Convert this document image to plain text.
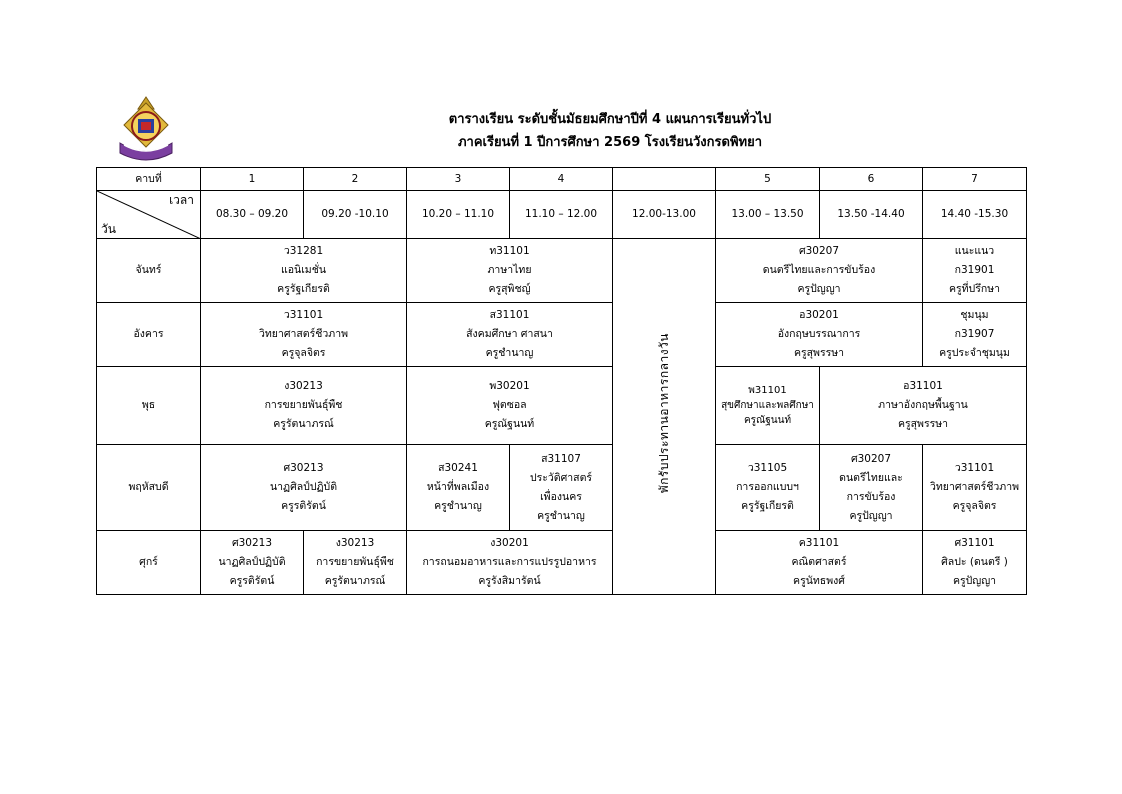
ตารางเรียน ระดับชั้นมัธยมศึกษาปีที่ 4 แผนการเรียนทั่วไป
ภาคเรียนที่ 1 ปีการศึกษา 2569 โรงเรียนวังกรดพิทยา
คาบที่	1	2	3	4		5	6	7

เวลา
วัน	08.30 – 09.20	09.20 -10.10	10.20 – 11.10	11.10 – 12.00	12.00-13.00	13.00 – 13.50	13.50 -14.40	14.40 -15.30
จันทร์	ว31281
แอนิเมชั่น
ครูรัฐเกียรติ		ท31101
ภาษาไทย
ครูสุพิชญ์		พักรับประทานอาหารกลางวัน	ศ30207
ดนตรีไทยและการขับร้อง
ครูปัญญา		แนะแนว
ก31901
ครูที่ปรึกษา

อังคาร	ว31101
วิทยาศาสตร์ชีวภาพ
ครูจุลจิตร		ส31101
สังคมศึกษา ศาสนา
ครูชำนาญ			อ30201
อังกฤษบรรณาการ
ครูสุพรรษา		ชุมนุม
ก31907
ครูประจำชุมนุม

พุธ	ง30213
การขยายพันธุ์พืช
ครูรัตนาภรณ์		พ30201
ฟุตซอล
ครูณัฐนนท์			พ31101
สุขศึกษาและพลศึกษา
ครูณัฐนนท์	อ31101
ภาษาอังกฤษพื้นฐาน
ครูสุพรรษา	

พฤหัสบดี	ศ30213
นาฏศิลป์ปฏิบัติ
ครูรติรัตน์		ส30241
หน้าที่พลเมือง
ครูชำนาญ	ส31107
ประวัติศาสตร์
เพื่องนคร
ครูชำนาญ		ว31105
การออกแบบฯ
ครูรัฐเกียรติ	ศ30207
ดนตรีไทยและ
การขับร้อง
ครูปัญญา	ว31101
วิทยาศาสตร์ชีวภาพ
ครูจุลจิตร

ศุกร์	ศ30213
นาฏศิลป์ปฏิบัติ
ครูรติรัตน์	ง30213
การขยายพันธุ์พืช
ครูรัตนาภรณ์	ง30201
การถนอมอาหารและการแปรรูปอาหาร
ครูรังสิมารัตน์			ค31101
คณิตศาสตร์
ครูนัทธพงศ์		ศ31101
ศิลปะ (ดนตรี )
ครูปัญญา
